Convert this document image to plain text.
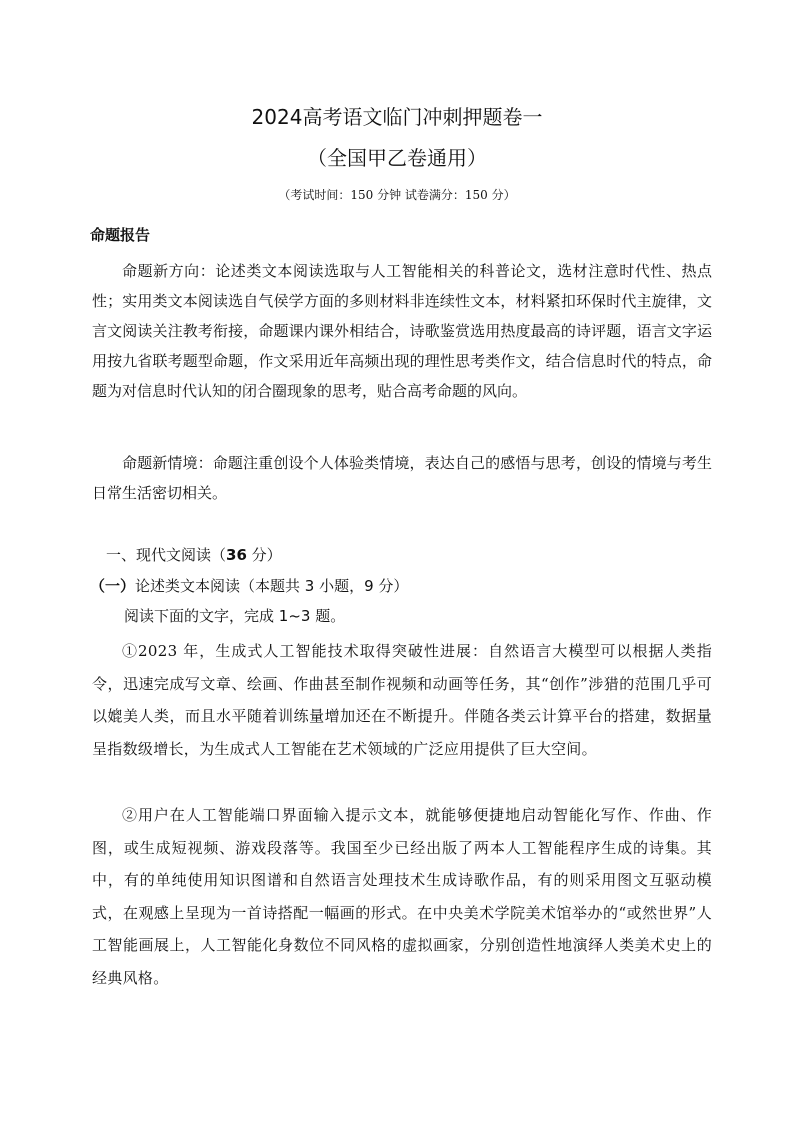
2024高考语文临门冲刺押题卷一
（全国甲乙卷通用）
（考试时间：150 分钟 试卷满分：150 分）
命题报告

命题新方向：论述类文本阅读选取与人工智能相关的科普论文，选材注意时代性、热点性；实用类文本阅读选自气侯学方面的多则材料非连续性文本，材料紧扣环保时代主旋律，文言文阅读关注教考衔接，命题课内课外相结合，诗歌鉴赏选用热度最高的诗评题，语言文字运用按九省联考题型命题，作文采用近年高频出现的理性思考类作文，结合信息时代的特点，命题为对信息时代认知的闭合圈现象的思考，贴合高考命题的风向。

命题新情境：命题注重创设个人体验类情境，表达自己的感悟与思考，创设的情境与考生日常生活密切相关。

一、现代文阅读（36 分）
（一）论述类文本阅读（本题共 3 小题，9 分）
阅读下面的文字，完成 1~3 题。

①2023 年，生成式人工智能技术取得突破性进展：自然语言大模型可以根据人类指令，迅速完成写文章、绘画、作曲甚至制作视频和动画等任务，其“创作”涉猎的范围几乎可以媲美人类，而且水平随着训练量增加还在不断提升。伴随各类云计算平台的搭建，数据量呈指数级增长，为生成式人工智能在艺术领域的广泛应用提供了巨大空间。

②用户在人工智能端口界面输入提示文本，就能够便捷地启动智能化写作、作曲、作图，或生成短视频、游戏段落等。我国至少已经出版了两本人工智能程序生成的诗集。其中，有的单纯使用知识图谱和自然语言处理技术生成诗歌作品，有的则采用图文互驱动模式，在观感上呈现为一首诗搭配一幅画的形式。在中央美术学院美术馆举办的“或然世界”人工智能画展上，人工智能化身数位不同风格的虚拟画家，分别创造性地演绎人类美术史上的经典风格。
